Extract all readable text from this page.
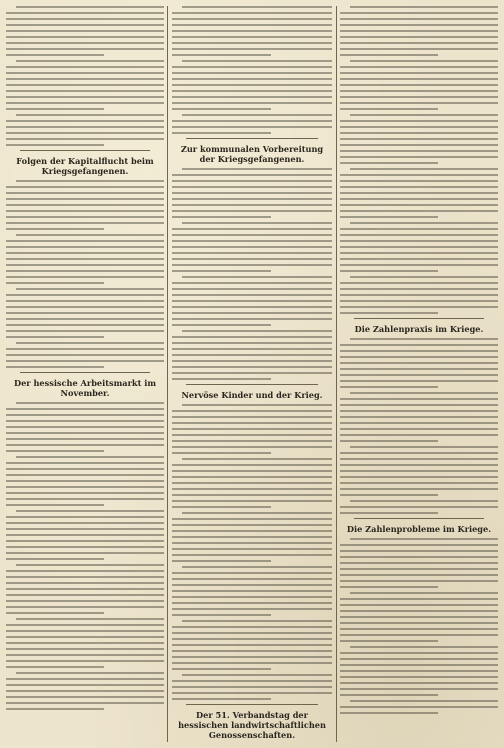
Folgen der Kapitalflucht beim Kriegsgefangenen.
Der hessische Arbeitsmarkt im November.
Zur kommunalen Vorbereitung der Kriegsgefangenen.
Nervöse Kinder und der Krieg.
Der 51. Verbandstag der hessischen landwirtschaftlichen Genossenschaften.
Die Zahlenpraxis im Kriege.
Die Zahlenprobleme im Kriege.
